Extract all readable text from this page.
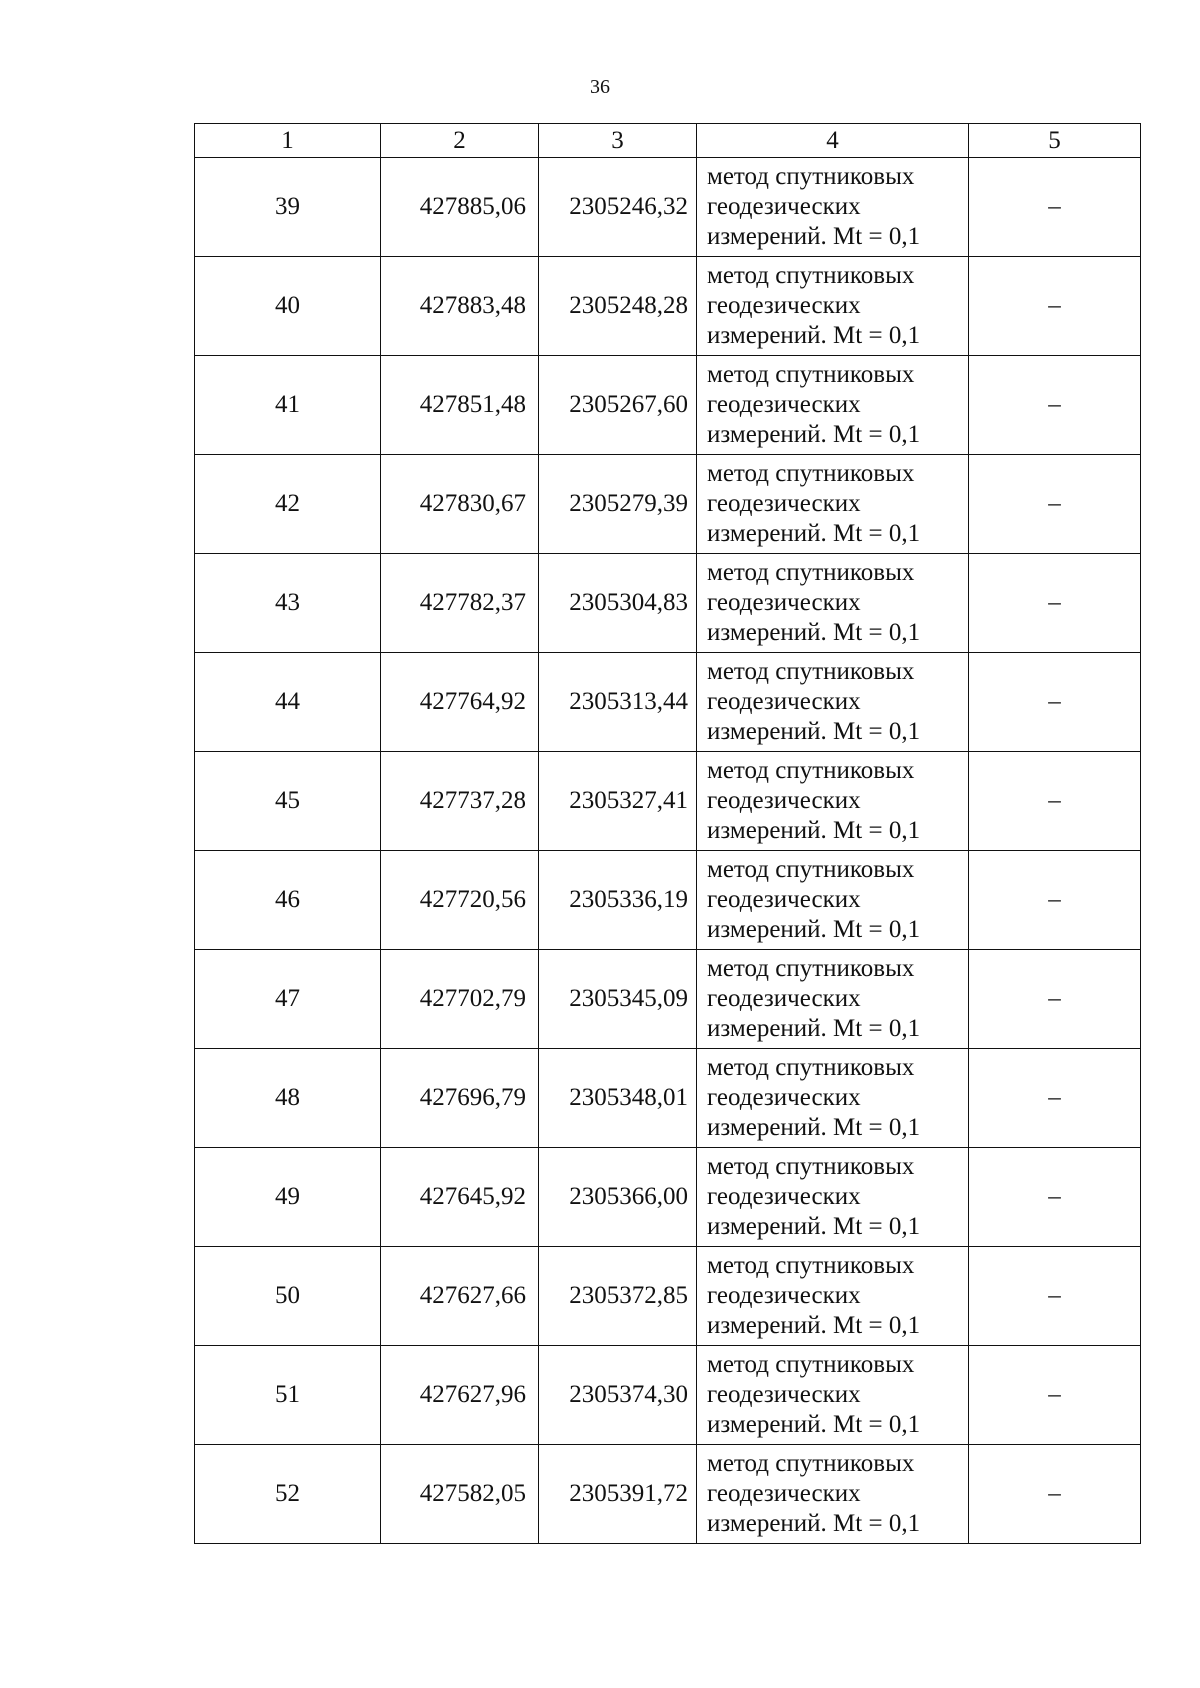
36
1	2	3	4	5
39	427885,06	2305246,32	метод спутниковых
геодезических
измерений. Mt = 0,1	–
40	427883,48	2305248,28	метод спутниковых
геодезических
измерений. Mt = 0,1	–
41	427851,48	2305267,60	метод спутниковых
геодезических
измерений. Mt = 0,1	–
42	427830,67	2305279,39	метод спутниковых
геодезических
измерений. Mt = 0,1	–
43	427782,37	2305304,83	метод спутниковых
геодезических
измерений. Mt = 0,1	–
44	427764,92	2305313,44	метод спутниковых
геодезических
измерений. Mt = 0,1	–
45	427737,28	2305327,41	метод спутниковых
геодезических
измерений. Mt = 0,1	–
46	427720,56	2305336,19	метод спутниковых
геодезических
измерений. Mt = 0,1	–
47	427702,79	2305345,09	метод спутниковых
геодезических
измерений. Mt = 0,1	–
48	427696,79	2305348,01	метод спутниковых
геодезических
измерений. Mt = 0,1	–
49	427645,92	2305366,00	метод спутниковых
геодезических
измерений. Mt = 0,1	–
50	427627,66	2305372,85	метод спутниковых
геодезических
измерений. Mt = 0,1	–
51	427627,96	2305374,30	метод спутниковых
геодезических
измерений. Mt = 0,1	–
52	427582,05	2305391,72	метод спутниковых
геодезических
измерений. Mt = 0,1	–
